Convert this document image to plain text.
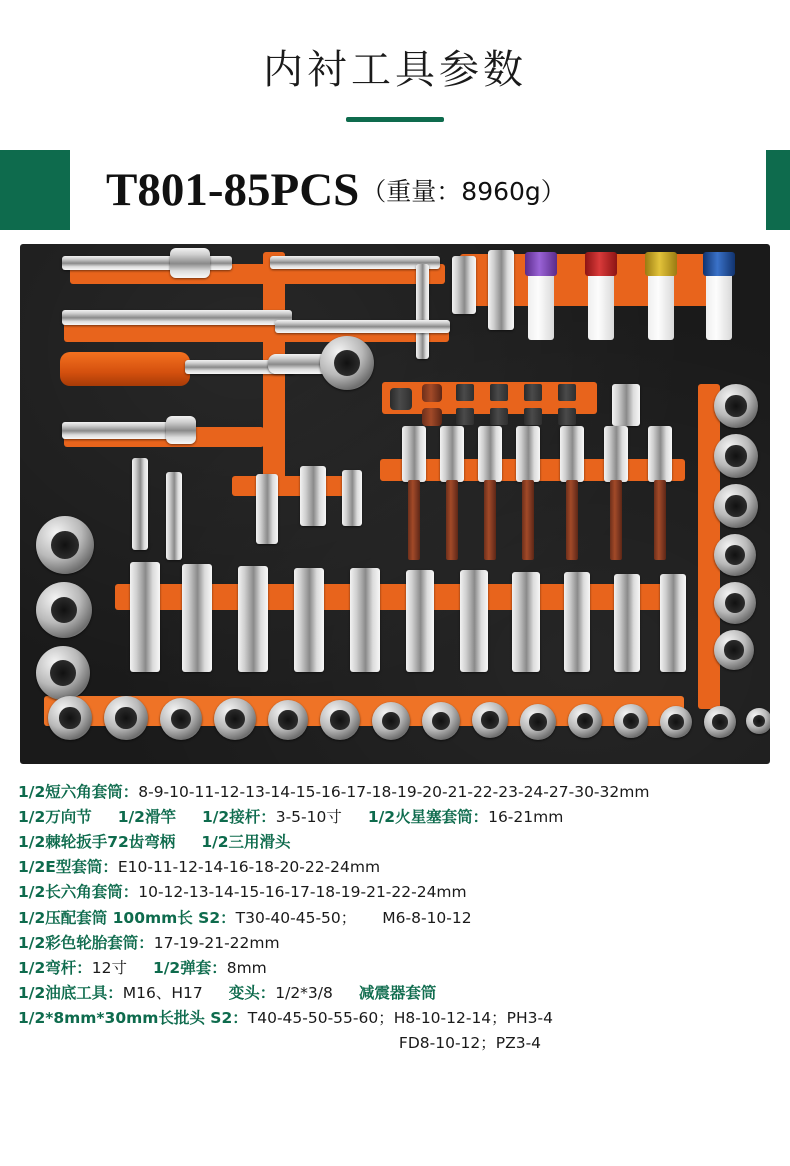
内衬工具参数
T801-85PCS （重量：8960g）
1/2短六角套筒：8-9-10-11-12-13-14-15-16-17-18-19-20-21-22-23-24-27-30-32mm
1/2万向节 1/2滑竿 1/2接杆：3-5-10寸 1/2火星塞套筒：16-21mm
1/2棘轮扳手72齿弯柄 1/2三用滑头
1/2E型套筒：E10-11-12-14-16-18-20-22-24mm
1/2长六角套筒：10-12-13-14-15-16-17-18-19-21-22-24mm
1/2压配套筒 100mm长 S2：T30-40-45-50； M6-8-10-12
1/2彩色轮胎套筒：17-19-21-22mm
1/2弯杆：12寸 1/2弹套：8mm
1/2油底工具：M16、H17 变头：1/2*3/8 减震器套筒
1/2*8mm*30mm长批头 S2：T40-45-50-55-60；H8-10-12-14；PH3-4
FD8-10-12；PZ3-4
